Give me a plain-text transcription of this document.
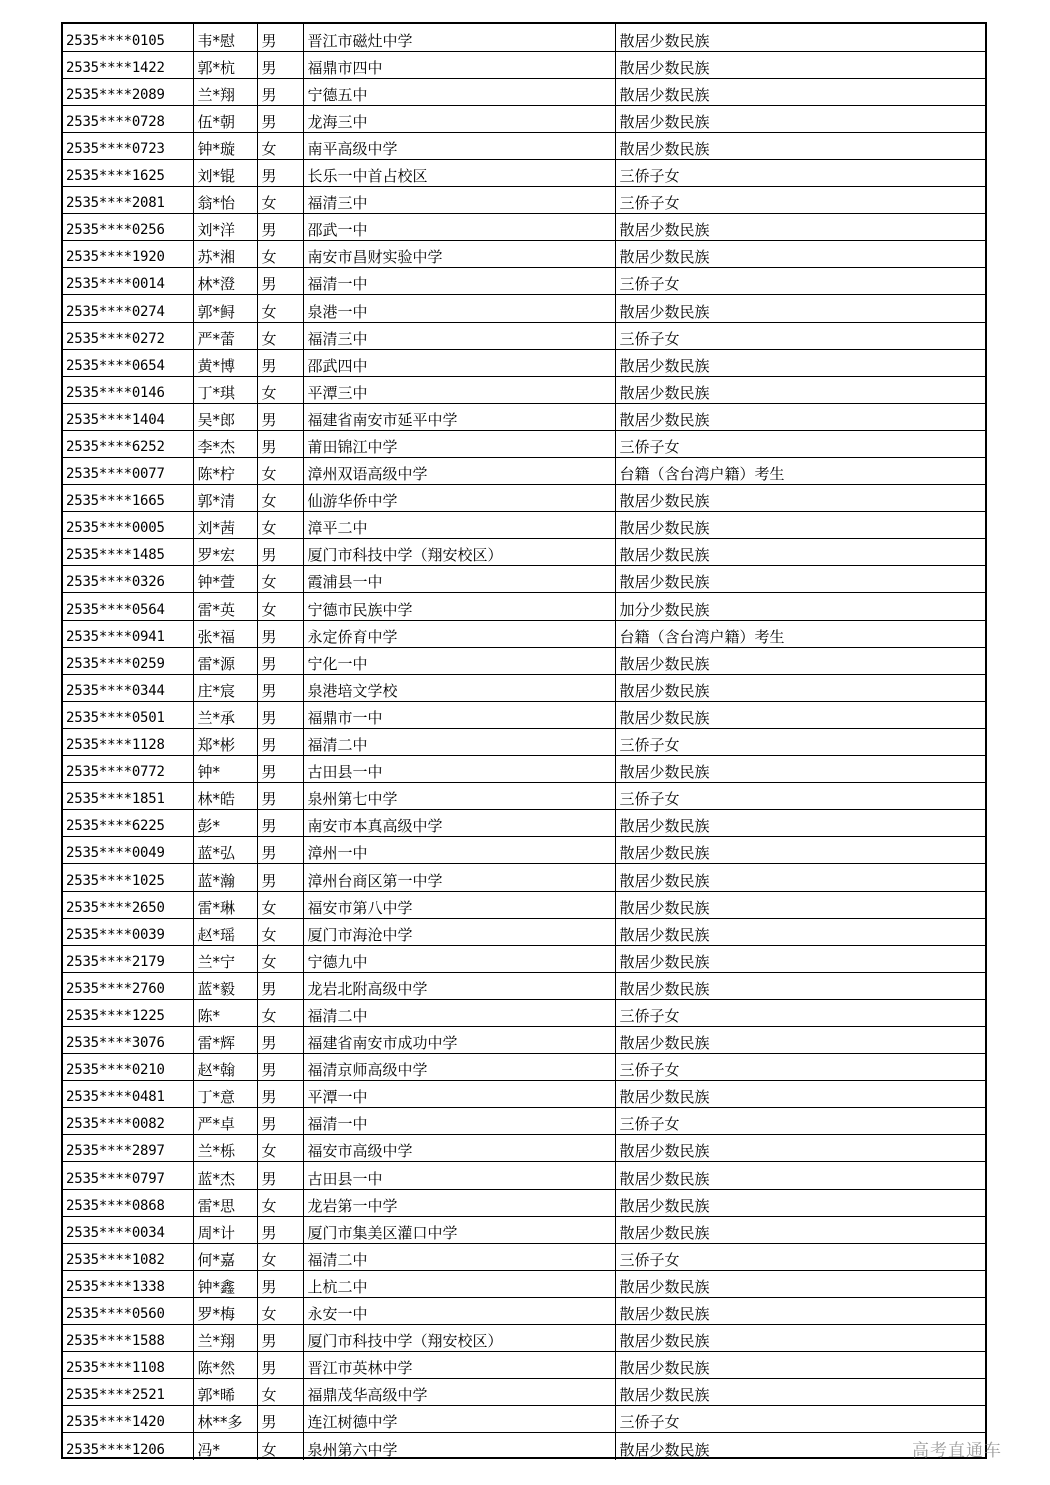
2535****0105	韦*慰	男	晋江市磁灶中学	散居少数民族
2535****1422	郭*杭	男	福鼎市四中	散居少数民族
2535****2089	兰*翔	男	宁德五中	散居少数民族
2535****0728	伍*朝	男	龙海三中	散居少数民族
2535****0723	钟*璇	女	南平高级中学	散居少数民族
2535****1625	刘*锟	男	长乐一中首占校区	三侨子女
2535****2081	翁*怡	女	福清三中	三侨子女
2535****0256	刘*洋	男	邵武一中	散居少数民族
2535****1920	苏*湘	女	南安市昌财实验中学	散居少数民族
2535****0014	林*澄	男	福清一中	三侨子女
2535****0274	郭*鲟	女	泉港一中	散居少数民族
2535****0272	严*蕾	女	福清三中	三侨子女
2535****0654	黄*博	男	邵武四中	散居少数民族
2535****0146	丁*琪	女	平潭三中	散居少数民族
2535****1404	吴*郎	男	福建省南安市延平中学	散居少数民族
2535****6252	李*杰	男	莆田锦江中学	三侨子女
2535****0077	陈*柠	女	漳州双语高级中学	台籍（含台湾户籍）考生
2535****1665	郭*清	女	仙游华侨中学	散居少数民族
2535****0005	刘*茜	女	漳平二中	散居少数民族
2535****1485	罗*宏	男	厦门市科技中学（翔安校区）	散居少数民族
2535****0326	钟*萱	女	霞浦县一中	散居少数民族
2535****0564	雷*英	女	宁德市民族中学	加分少数民族
2535****0941	张*福	男	永定侨育中学	台籍（含台湾户籍）考生
2535****0259	雷*源	男	宁化一中	散居少数民族
2535****0344	庄*宸	男	泉港培文学校	散居少数民族
2535****0501	兰*承	男	福鼎市一中	散居少数民族
2535****1128	郑*彬	男	福清二中	三侨子女
2535****0772	钟*	男	古田县一中	散居少数民族
2535****1851	林*皓	男	泉州第七中学	三侨子女
2535****6225	彭*	男	南安市本真高级中学	散居少数民族
2535****0049	蓝*弘	男	漳州一中	散居少数民族
2535****1025	蓝*瀚	男	漳州台商区第一中学	散居少数民族
2535****2650	雷*琳	女	福安市第八中学	散居少数民族
2535****0039	赵*瑶	女	厦门市海沧中学	散居少数民族
2535****2179	兰*宁	女	宁德九中	散居少数民族
2535****2760	蓝*毅	男	龙岩北附高级中学	散居少数民族
2535****1225	陈*	女	福清二中	三侨子女
2535****3076	雷*辉	男	福建省南安市成功中学	散居少数民族
2535****0210	赵*翰	男	福清京师高级中学	三侨子女
2535****0481	丁*意	男	平潭一中	散居少数民族
2535****0082	严*卓	男	福清一中	三侨子女
2535****2897	兰*栎	女	福安市高级中学	散居少数民族
2535****0797	蓝*杰	男	古田县一中	散居少数民族
2535****0868	雷*思	女	龙岩第一中学	散居少数民族
2535****0034	周*计	男	厦门市集美区灌口中学	散居少数民族
2535****1082	何*嘉	女	福清二中	三侨子女
2535****1338	钟*鑫	男	上杭二中	散居少数民族
2535****0560	罗*梅	女	永安一中	散居少数民族
2535****1588	兰*翔	男	厦门市科技中学（翔安校区）	散居少数民族
2535****1108	陈*然	男	晋江市英林中学	散居少数民族
2535****2521	郭*晞	女	福鼎茂华高级中学	散居少数民族
2535****1420	林**多	男	连江树德中学	三侨子女
2535****1206	冯*	女	泉州第六中学	散居少数民族	高考直通车
